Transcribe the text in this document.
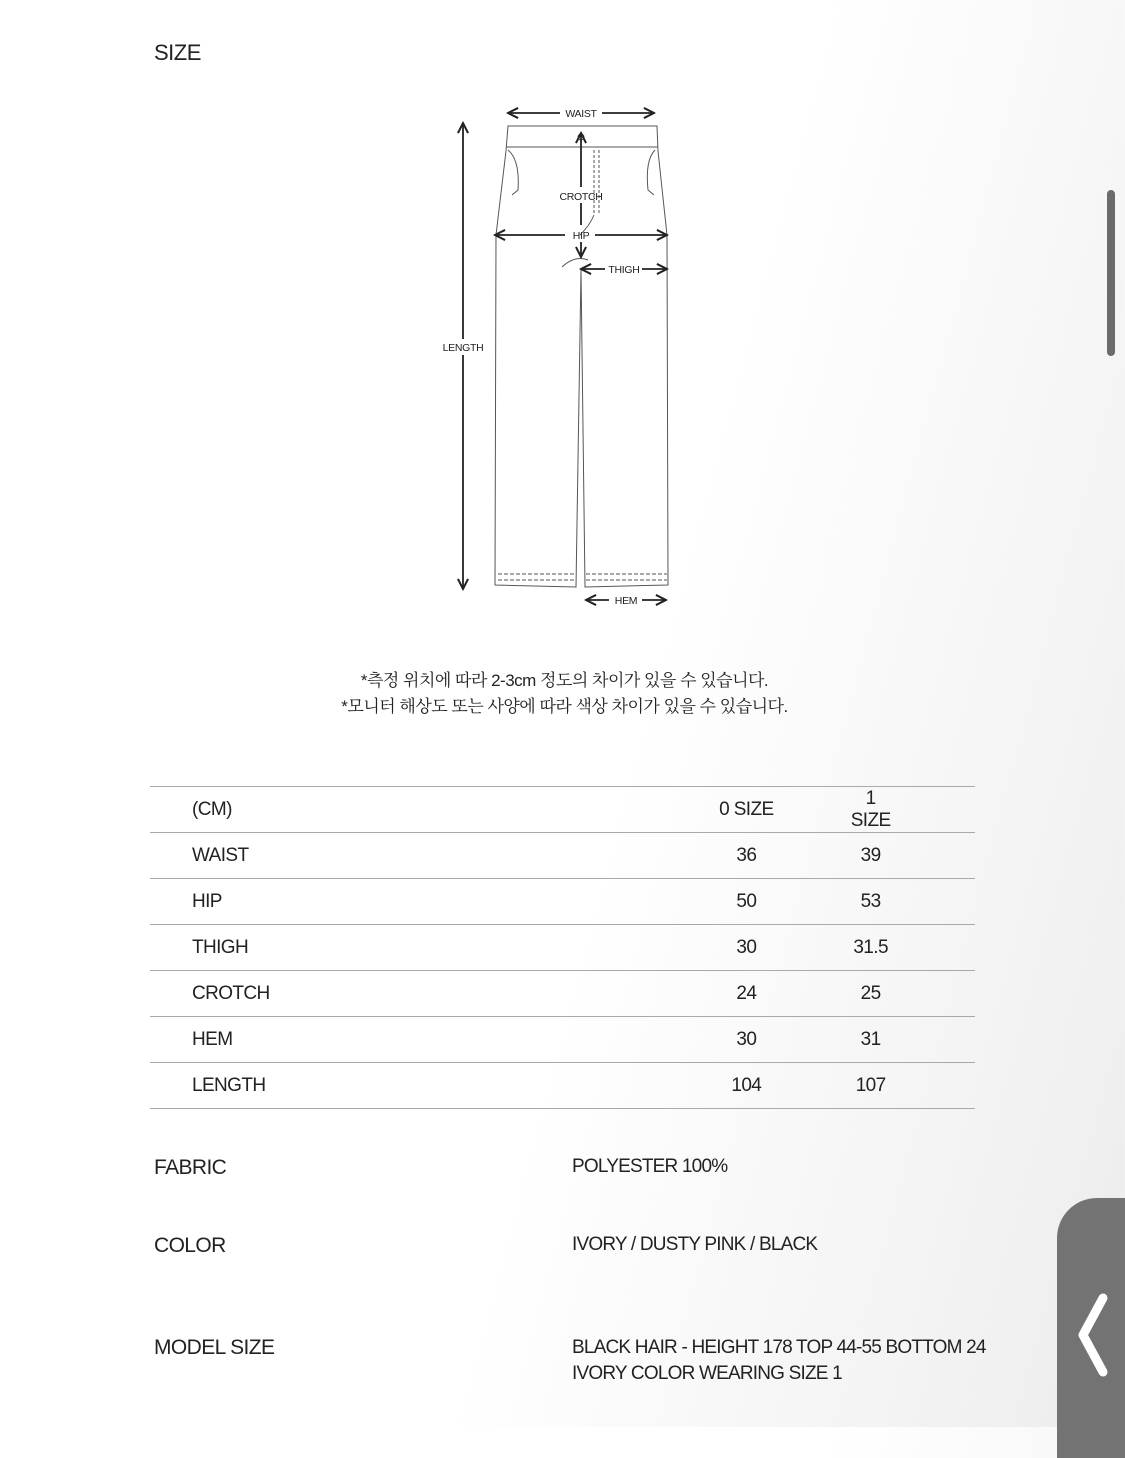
SIZE
WAIST
CROTCH
HIP
THIGH
LENGTH
HEM
*측정 위치에 따라 2-3cm 정도의 차이가 있을 수 있습니다.
*모니터 해상도 또는 사양에 따라 색상 차이가 있을 수 있습니다.
(CM)	0 SIZE	1 SIZE	
WAIST	36	39	
HIP	50	53	
THIGH	30	31.5	
CROTCH	24	25	
HEM	30	31	
LENGTH	104	107	
FABRIC	POLYESTER 100%
COLOR	IVORY / DUSTY PINK / BLACK
MODEL SIZE	BLACK HAIR - HEIGHT 178 TOP 44-55 BOTTOM 24
IVORY COLOR WEARING SIZE 1
